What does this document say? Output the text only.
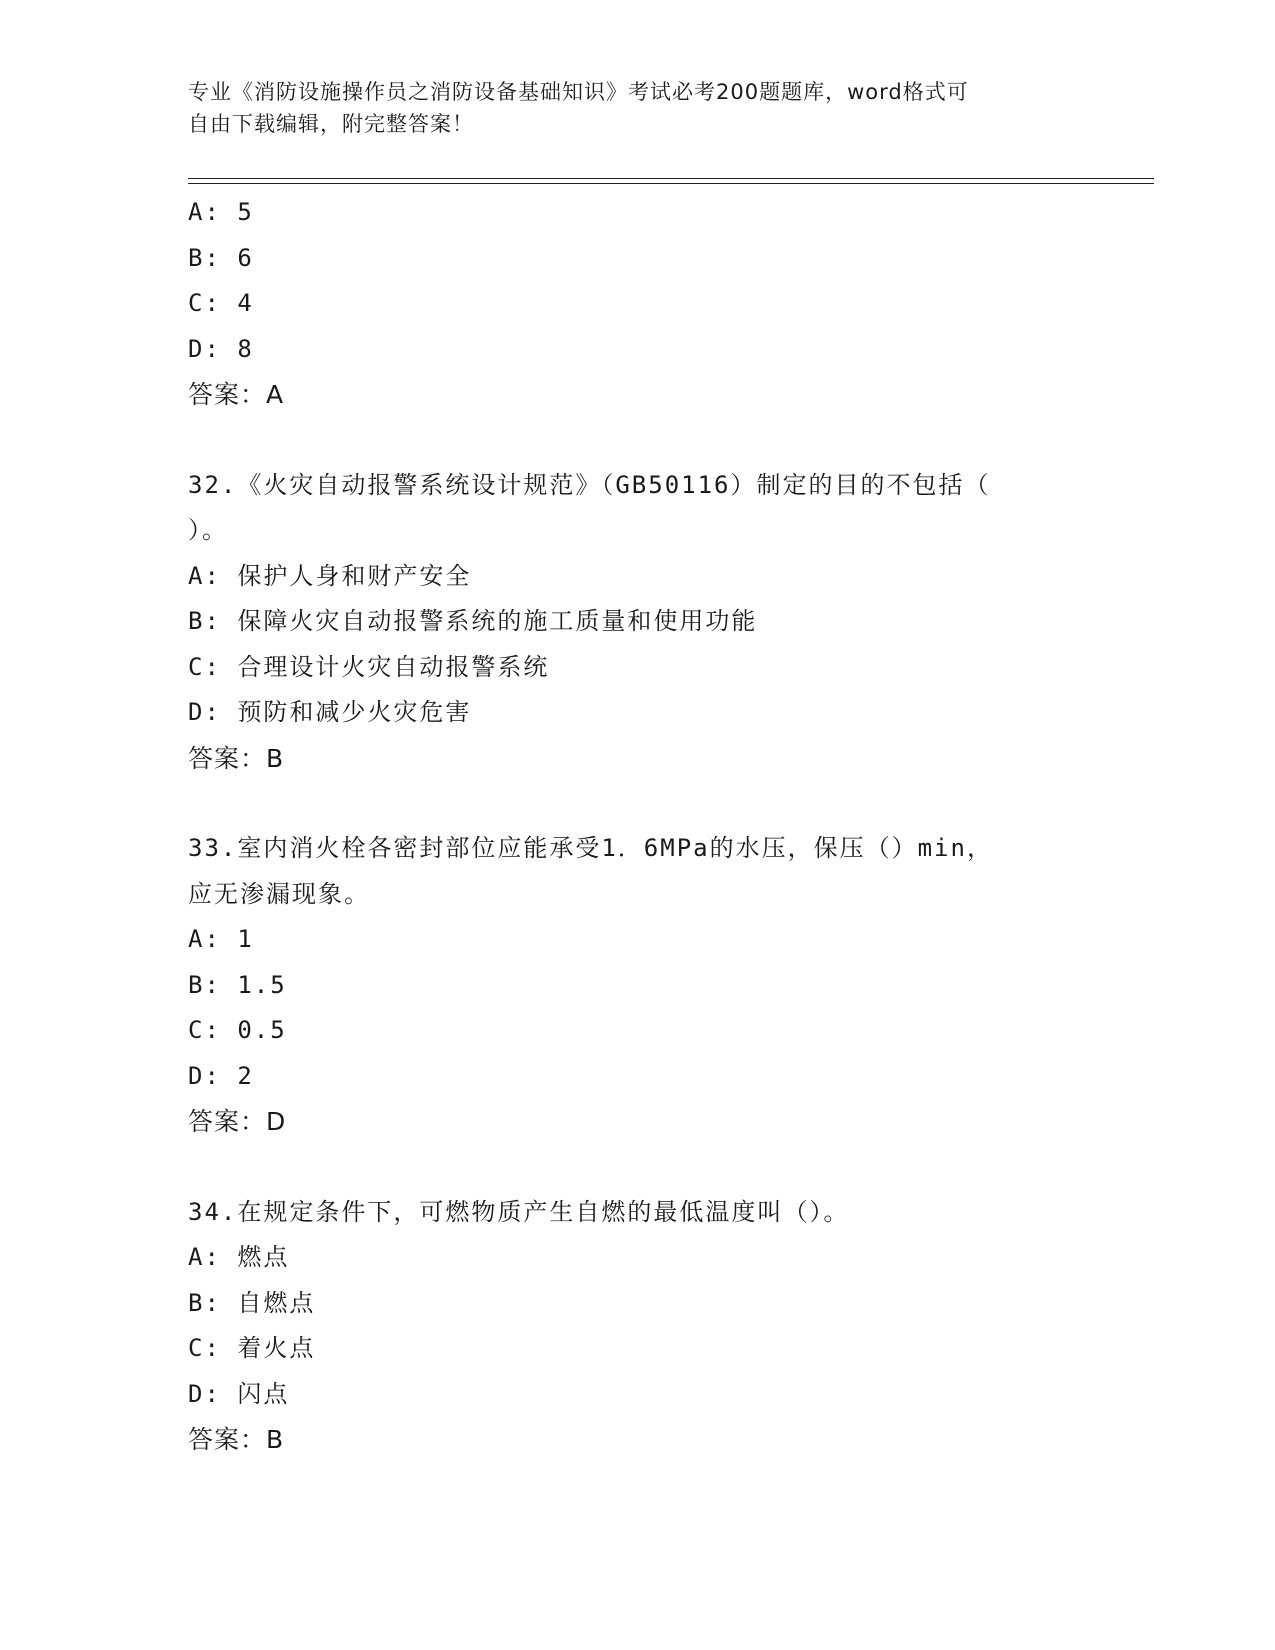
专业《消防设施操作员之消防设备基础知识》考试必考200题题库，word格式可
自由下载编辑，附完整答案！
A: 5
B: 6
C: 4
D: 8
答案：A
32.《火灾自动报警系统设计规范》（GB50116）制定的目的不包括（
）。
A: 保护人身和财产安全
B: 保障火灾自动报警系统的施工质量和使用功能
C: 合理设计火灾自动报警系统
D: 预防和减少火灾危害
答案：B
33.室内消火栓各密封部位应能承受1．6MPa的水压，保压（）min，
应无渗漏现象。
A: 1
B: 1.5
C: 0.5
D: 2
答案：D
34.在规定条件下，可燃物质产生自燃的最低温度叫（）。
A: 燃点
B: 自燃点
C: 着火点
D: 闪点
答案：B
